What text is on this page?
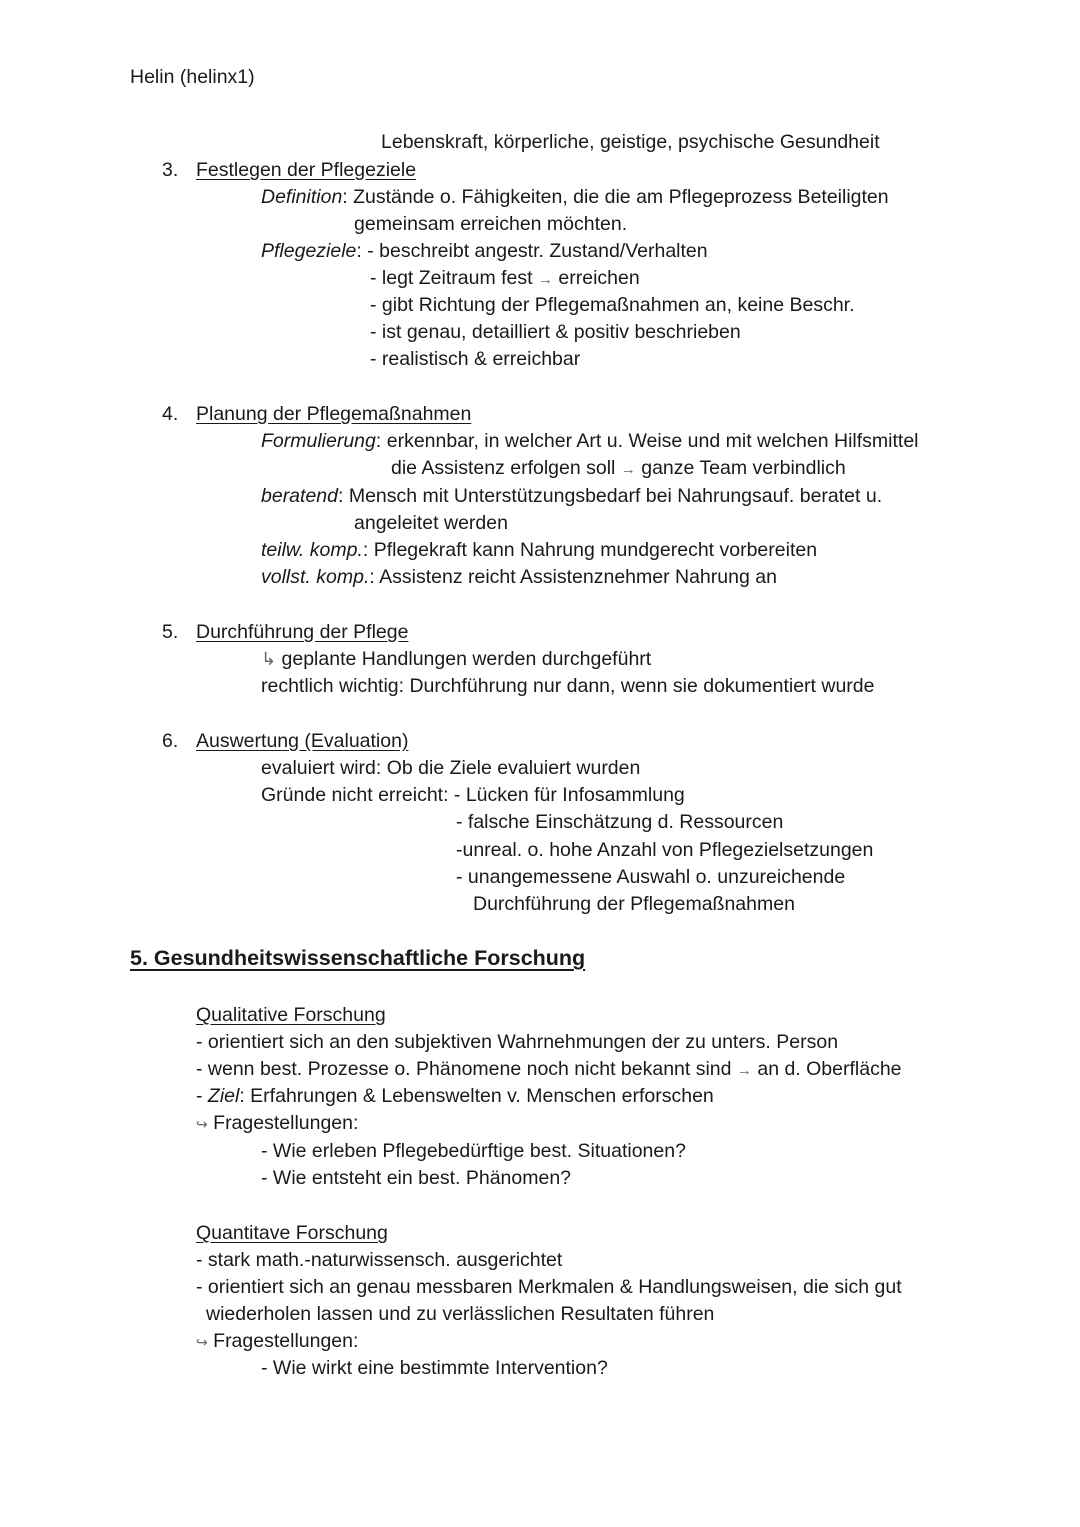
Helin (helinx1)
Lebenskraft, körperliche, geistige, psychische Gesundheit
3. Festlegen der Pflegeziele
Definition: Zustände o. Fähigkeiten, die die am Pflegeprozess Beteiligten
gemeinsam erreichen möchten.
Pflegeziele: - beschreibt angestr. Zustand/Verhalten
- legt Zeitraum fest → erreichen
- gibt Richtung der Pflegemaßnahmen an, keine Beschr.
- ist genau, detailliert & positiv beschrieben
- realistisch & erreichbar
4. Planung der Pflegemaßnahmen
Formulierung: erkennbar, in welcher Art u. Weise und mit welchen Hilfsmittel
die Assistenz erfolgen soll → ganze Team verbindlich
beratend: Mensch mit Unterstützungsbedarf bei Nahrungsauf. beratet u.
angeleitet werden
teilw. komp.: Pflegekraft kann Nahrung mundgerecht vorbereiten
vollst. komp.: Assistenz reicht Assistenznehmer Nahrung an
5. Durchführung der Pflege
↳ geplante Handlungen werden durchgeführt
rechtlich wichtig: Durchführung nur dann, wenn sie dokumentiert wurde
6. Auswertung (Evaluation)
evaluiert wird: Ob die Ziele evaluiert wurden
Gründe nicht erreicht: - Lücken für Infosammlung
- falsche Einschätzung d. Ressourcen
-unreal. o. hohe Anzahl von Pflegezielsetzungen
- unangemessene Auswahl o. unzureichende
Durchführung der Pflegemaßnahmen
5. Gesundheitswissenschaftliche Forschung
Qualitative Forschung
- orientiert sich an den subjektiven Wahrnehmungen der zu unters. Person
- wenn best. Prozesse o. Phänomene noch nicht bekannt sind → an d. Oberfläche
- Ziel: Erfahrungen & Lebenswelten v. Menschen erforschen
↪ Fragestellungen:
- Wie erleben Pflegebedürftige best. Situationen?
- Wie entsteht ein best. Phänomen?
Quantitave Forschung
- stark math.-naturwissensch. ausgerichtet
- orientiert sich an genau messbaren Merkmalen & Handlungsweisen, die sich gut
wiederholen lassen und zu verlässlichen Resultaten führen
↪ Fragestellungen:
- Wie wirkt eine bestimmte Intervention?
